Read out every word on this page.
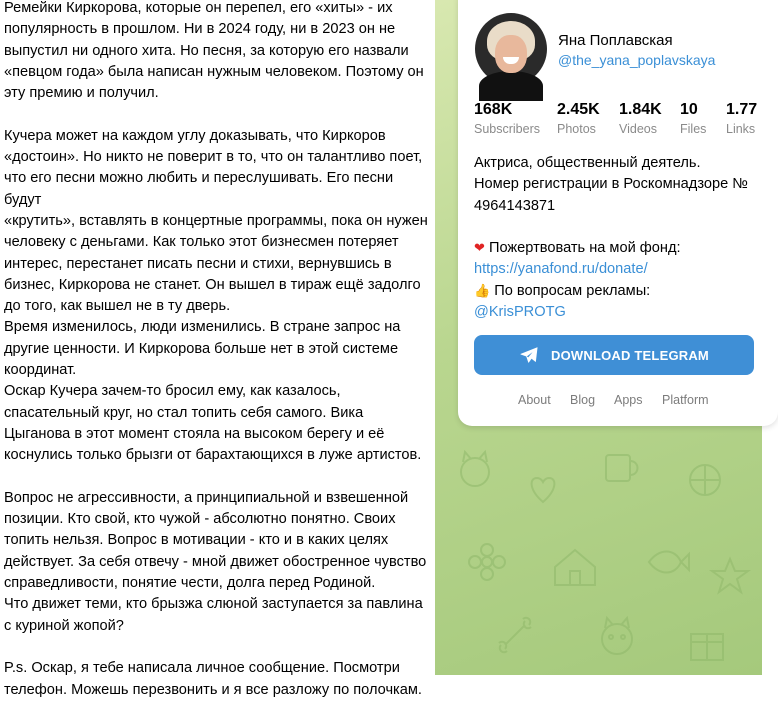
Ремейки Киркорова, которые он перепел, его «хиты» - их
популярность в прошлом. Ни в 2024 году, ни в 2023 он не
выпустил ни одного хита. Но песня, за которую его назвали
«певцом года» была написан нужным человеком. Поэтому он
эту премию и получил.
Кучера может на каждом углу доказывать, что Киркоров
«достоин». Но никто не поверит в то, что он талантливо поет,
что его песни можно любить и переслушивать. Его песни будут
«крутить», вставлять в концертные программы, пока он нужен
человеку с деньгами. Как только этот бизнесмен потеряет
интерес, перестанет писать песни и стихи, вернувшись в
бизнес, Киркорова не станет. Он вышел в тираж ещё задолго
до того, как вышел не в ту дверь.
Время изменилось, люди изменились. В стране запрос на
другие ценности. И Киркорова больше нет в этой системе
координат.
Оскар Кучера зачем-то бросил ему, как казалось,
спасательный круг, но стал топить себя самого. Вика
Цыганова в этот момент стояла на высоком берегу и её
коснулись только брызги от барахтающихся в луже артистов.
Вопрос не агрессивности, а принципиальной и взвешенной
позиции. Кто свой, кто чужой - абсолютно понятно. Своих
топить нельзя. Вопрос в мотивации - кто и в каких целях
действует. За себя отвечу - мной движет обостренное чувство
справедливости, понятие чести, долга перед Родиной.
Что движет теми, кто брызжа слюной заступается за павлина
с куриной жопой?
P.s. Оскар, я тебе написала личное сообщение. Посмотри
телефон. Можешь перезвонить и я все разложу по полочкам.
Яна Поплавская
@the_yana_poplavskaya
168K
Subscribers
2.45K
Photos
1.84K
Videos
10
Files
1.77
Links
Актриса, общественный деятель.
Номер регистрации в Роскомнадзоре №
4964143871
❤ Пожертвовать на мой фонд:
https://yanafond.ru/donate/
👍 По вопросам рекламы:
@KrisPROTG
DOWNLOAD TELEGRAM
About Blog Apps Platform
